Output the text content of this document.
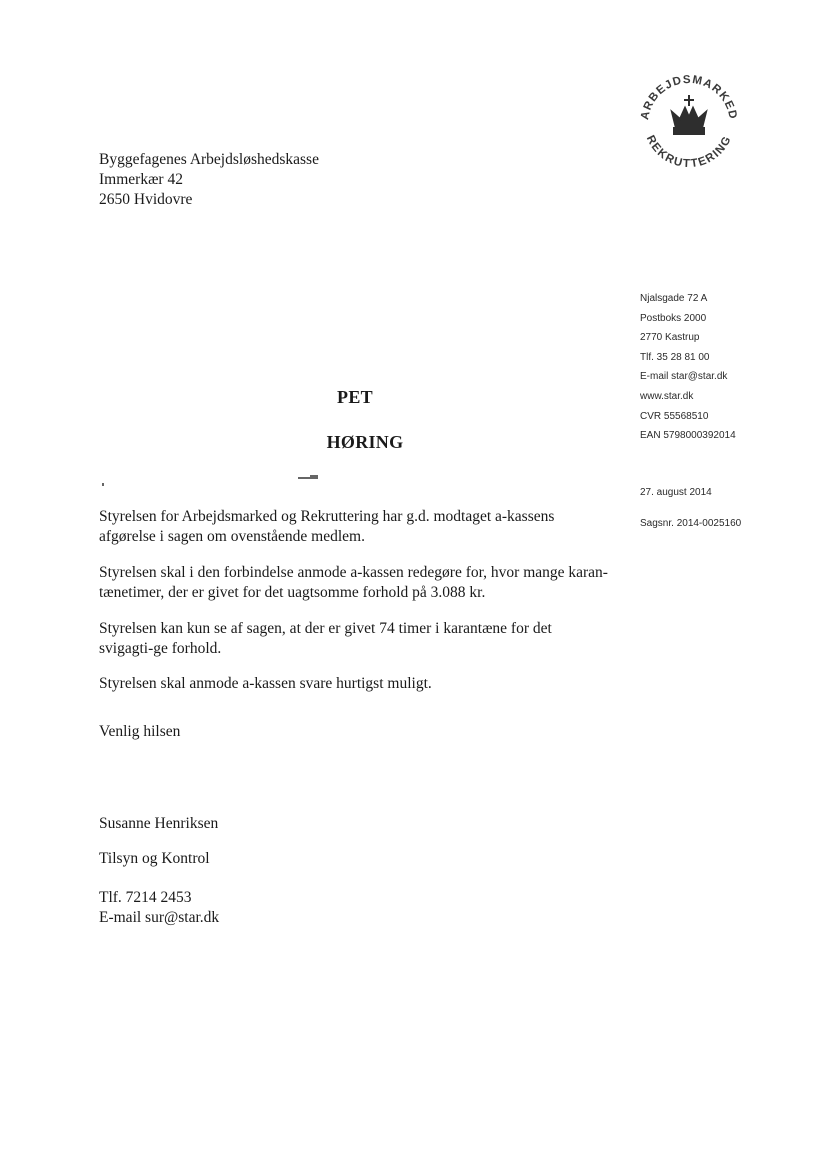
ARBEJDSMARKED
REKRUTTERING
Byggefagenes Arbejdsløshedskasse
Immerkær 42
2650 Hvidovre
Njalsgade 72 A
Postboks 2000
2770 Kastrup
Tlf. 35 28 81 00
E-mail star@star.dk
www.star.dk
CVR 55568510
EAN 5798000392014
27. august 2014
Sagsnr. 2014-0025160
PET
HØRING
Styrelsen for Arbejdsmarked og Rekruttering har g.d. modtaget a-kassens afgørelse i sagen om ovenstående medlem.
Styrelsen skal i den forbindelse anmode a-kassen redegøre for, hvor mange karan-tænetimer, der er givet for det uagtsomme forhold på 3.088 kr.
Styrelsen kan kun se af sagen, at der er givet 74 timer i karantæne for det svigagti-ge forhold.
Styrelsen skal anmode a-kassen svare hurtigst muligt.
Venlig hilsen
Susanne Henriksen
Tilsyn og Kontrol
Tlf. 7214 2453
E-mail sur@star.dk
